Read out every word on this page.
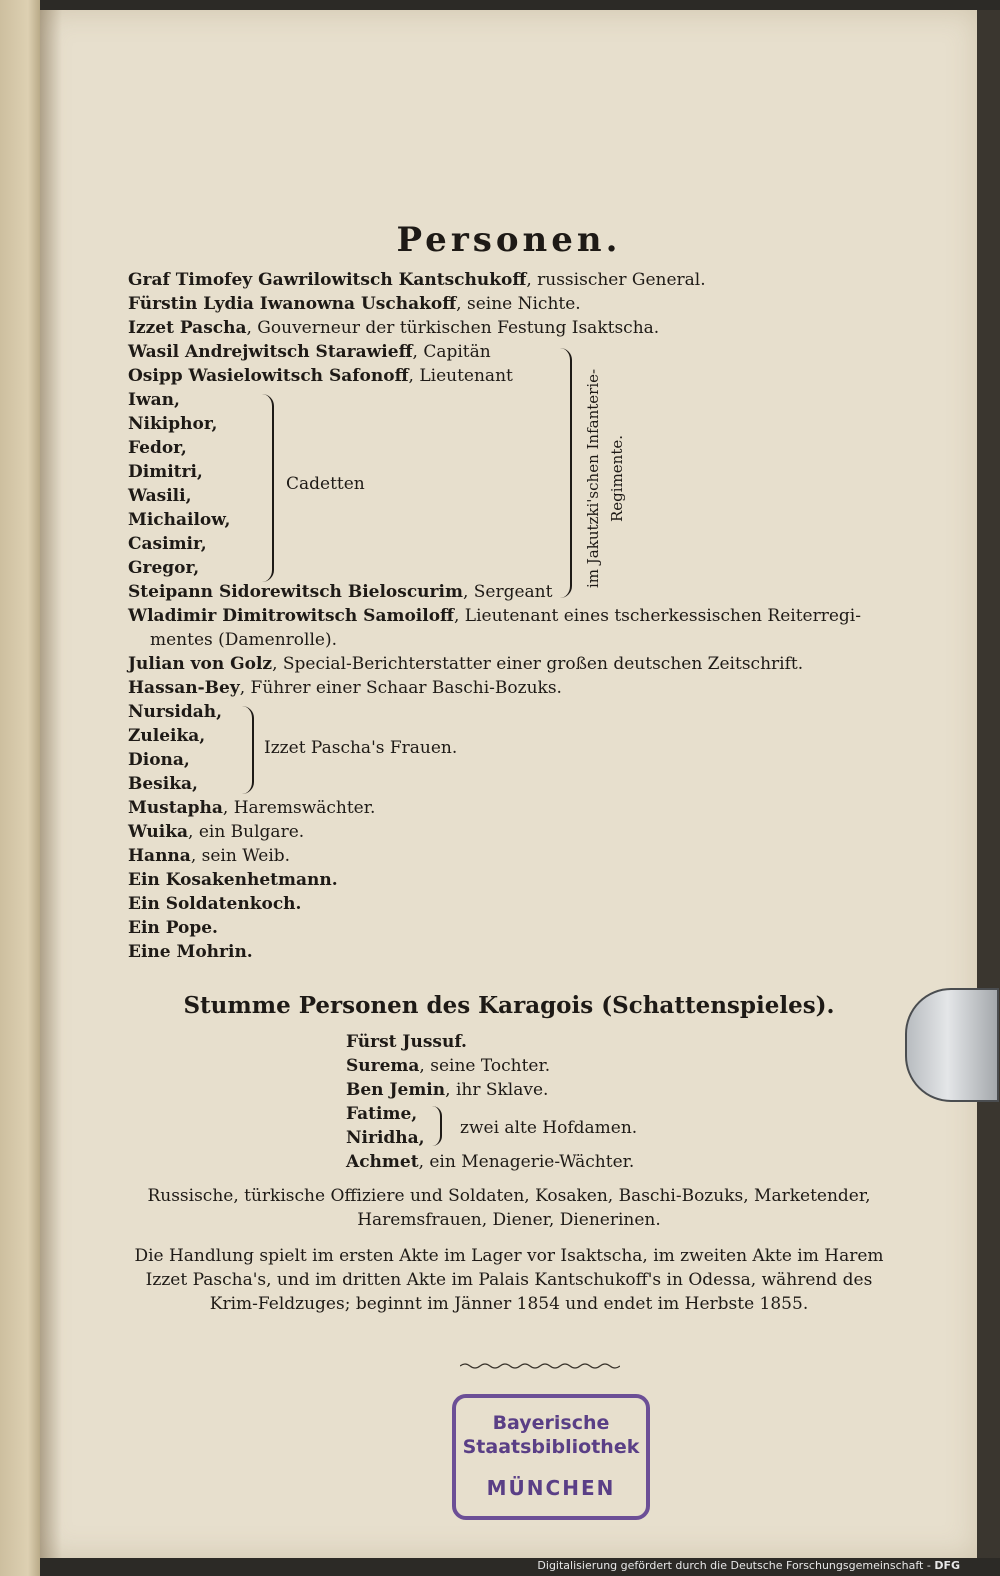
Personen.
Graf Timofey Gawrilowitsch Kantschukoff, russischer General.
Fürstin Lydia Iwanowna Uschakoff, seine Nichte.
Izzet Pascha, Gouverneur der türkischen Festung Isaktscha.
Wasil Andrejwitsch Starawieff, Capitän
Osipp Wasielowitsch Safonoff, Lieutenant
Iwan,
Nikiphor,
Fedor,
Dimitri,
Wasili,
Michailow,
Casimir,
Gregor,
Steipann Sidorewitsch Bieloscurim, Sergeant
Wladimir Dimitrowitsch Samoiloff, Lieutenant eines tscherkessischen Reiterregi-
mentes (Damenrolle).
Julian von Golz, Special-Berichterstatter einer großen deutschen Zeitschrift.
Hassan-Bey, Führer einer Schaar Baschi-Bozuks.
Nursidah,
Zuleika,
Diona,
Besika,
Mustapha, Haremswächter.
Wuika, ein Bulgare.
Hanna, sein Weib.
Ein Kosakenhetmann.
Ein Soldatenkoch.
Ein Pope.
Eine Mohrin.
Cadetten	im Jakutzki'schen Infanterie- Regimente.
Izzet Pascha's Frauen.
Stumme Personen des Karagois (Schattenspieles).
Fürst Jussuf.
Surema, seine Tochter.
Ben Jemin, ihr Sklave.
Fatime,
Niridha,
Achmet, ein Menagerie-Wächter.
zwei alte Hofdamen.
Russische, türkische Offiziere und Soldaten, Kosaken, Baschi-Bozuks, Marketender,
Haremsfrauen, Diener, Dienerinen.
Die Handlung spielt im ersten Akte im Lager vor Isaktscha, im zweiten Akte im Harem
Izzet Pascha's, und im dritten Akte im Palais Kantschukoff's in Odessa, während des
Krim-Feldzuges; beginnt im Jänner 1854 und endet im Herbste 1855.
Bayerische
Staatsbibliothek
MÜNCHEN
Digitalisierung gefördert durch die Deutsche Forschungsgemeinschaft - DFG
